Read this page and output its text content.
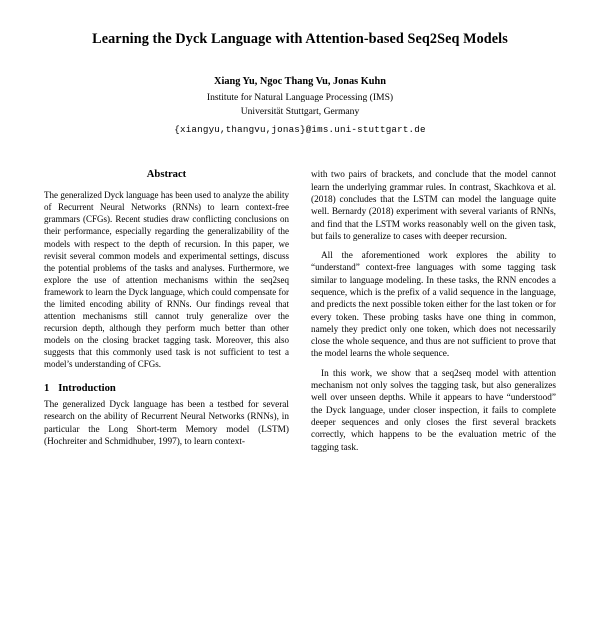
Learning the Dyck Language with Attention-based Seq2Seq Models
Xiang Yu, Ngoc Thang Vu, Jonas Kuhn
Institute for Natural Language Processing (IMS)
Universität Stuttgart, Germany
{xiangyu,thangvu,jonas}@ims.uni-stuttgart.de
Abstract

The generalized Dyck language has been used to analyze the ability of Recurrent Neural Networks (RNNs) to learn context-free grammars (CFGs). Recent studies draw conflicting conclusions on their performance, especially regarding the generalizability of the models with respect to the depth of recursion. In this paper, we revisit several common models and experimental settings, discuss the potential problems of the tasks and analyses. Furthermore, we explore the use of attention mechanisms within the seq2seq framework to learn the Dyck language, which could compensate for the limited encoding ability of RNNs. Our findings reveal that attention mechanisms still cannot truly generalize over the recursion depth, although they perform much better than other models on the closing bracket tagging task. Moreover, this also suggests that this commonly used task is not sufficient to test a model’s understanding of CFGs.

1 Introduction

The generalized Dyck language has been a testbed for several research on the ability of Recurrent Neural Networks (RNNs), in particular the Long Short-term Memory model (LSTM) (Hochreiter and Schmidhuber, 1997), to learn context-

with two pairs of brackets, and conclude that the model cannot learn the underlying grammar rules. In contrast, Skachkova et al. (2018) concludes that the LSTM can model the language quite well. Bernardy (2018) experiment with several variants of RNNs, and find that the LSTM works reasonably well on the given task, but fails to generalize to cases with deeper recursion.

All the aforementioned work explores the ability to “understand” context-free languages with some tagging task similar to language modeling. In these tasks, the RNN encodes a sequence, which is the prefix of a valid sequence in the language, and predicts the next possible token either for the last token or for every token. These probing tasks have one thing in common, namely they predict only one token, which does not necessarily close the whole sequence, and thus are not sufficient to prove that the model learns the whole sequence.

In this work, we show that a seq2seq model with attention mechanism not only solves the tagging task, but also generalizes well over unseen depths. While it appears to have “understood” the Dyck language, under closer inspection, it fails to complete deeper sequences and only closes the first several brackets correctly, which happens to be the evaluation metric of the tagging task.
